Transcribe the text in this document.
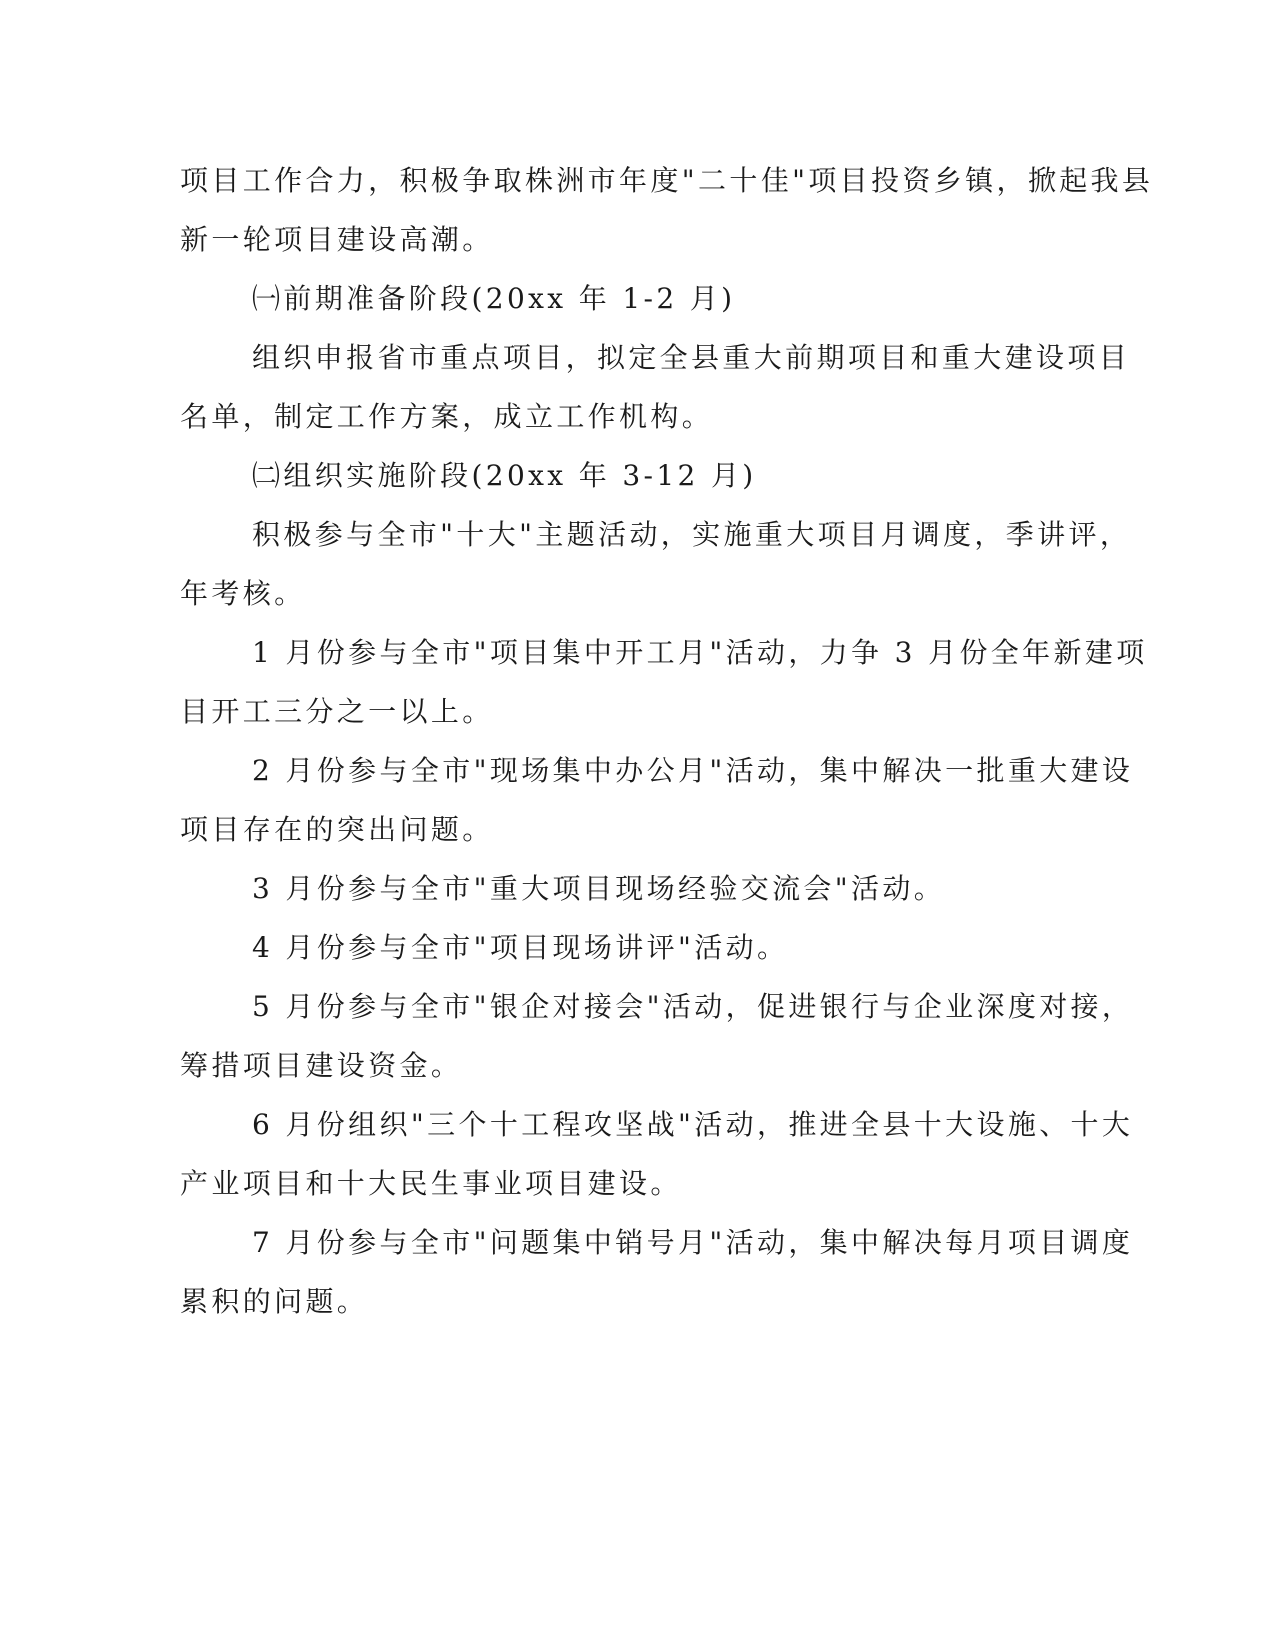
项目工作合力，积极争取株洲市年度"二十佳"项目投资乡镇，掀起我县
新一轮项目建设高潮。
㈠前期准备阶段(20xx 年 1-2 月)
组织申报省市重点项目，拟定全县重大前期项目和重大建设项目
名单，制定工作方案，成立工作机构。
㈡组织实施阶段(20xx 年 3-12 月)
积极参与全市"十大"主题活动，实施重大项目月调度，季讲评，
年考核。
1 月份参与全市"项目集中开工月"活动，力争 3 月份全年新建项
目开工三分之一以上。
2 月份参与全市"现场集中办公月"活动，集中解决一批重大建设
项目存在的突出问题。
3 月份参与全市"重大项目现场经验交流会"活动。
4 月份参与全市"项目现场讲评"活动。
5 月份参与全市"银企对接会"活动，促进银行与企业深度对接，
筹措项目建设资金。
6 月份组织"三个十工程攻坚战"活动，推进全县十大设施、十大
产业项目和十大民生事业项目建设。
7 月份参与全市"问题集中销号月"活动，集中解决每月项目调度
累积的问题。
